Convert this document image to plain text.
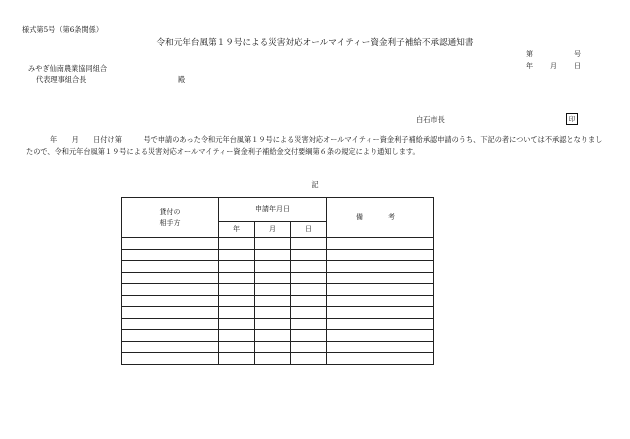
様式第5号（第6条関係）
令和元年台風第１９号による災害対応オールマイティー資金利子補給不承認通知書
第	号
年 月 日
みやぎ仙南農業協同組合
代表理事組合長	殿
白石市長	印
年　　月　　日付け第　　　号で申請のあった令和元年台風第１９号による災害対応オールマイティー資金利子補給承認申請のうち、下記の者については不承認となりましたので、令和元年台風第１９号による災害対応オールマイティー資金利子補給金交付要綱第６条の規定により通知します。
記
貸付の
相手方	申請年月日			備　考
	年	月	日	
